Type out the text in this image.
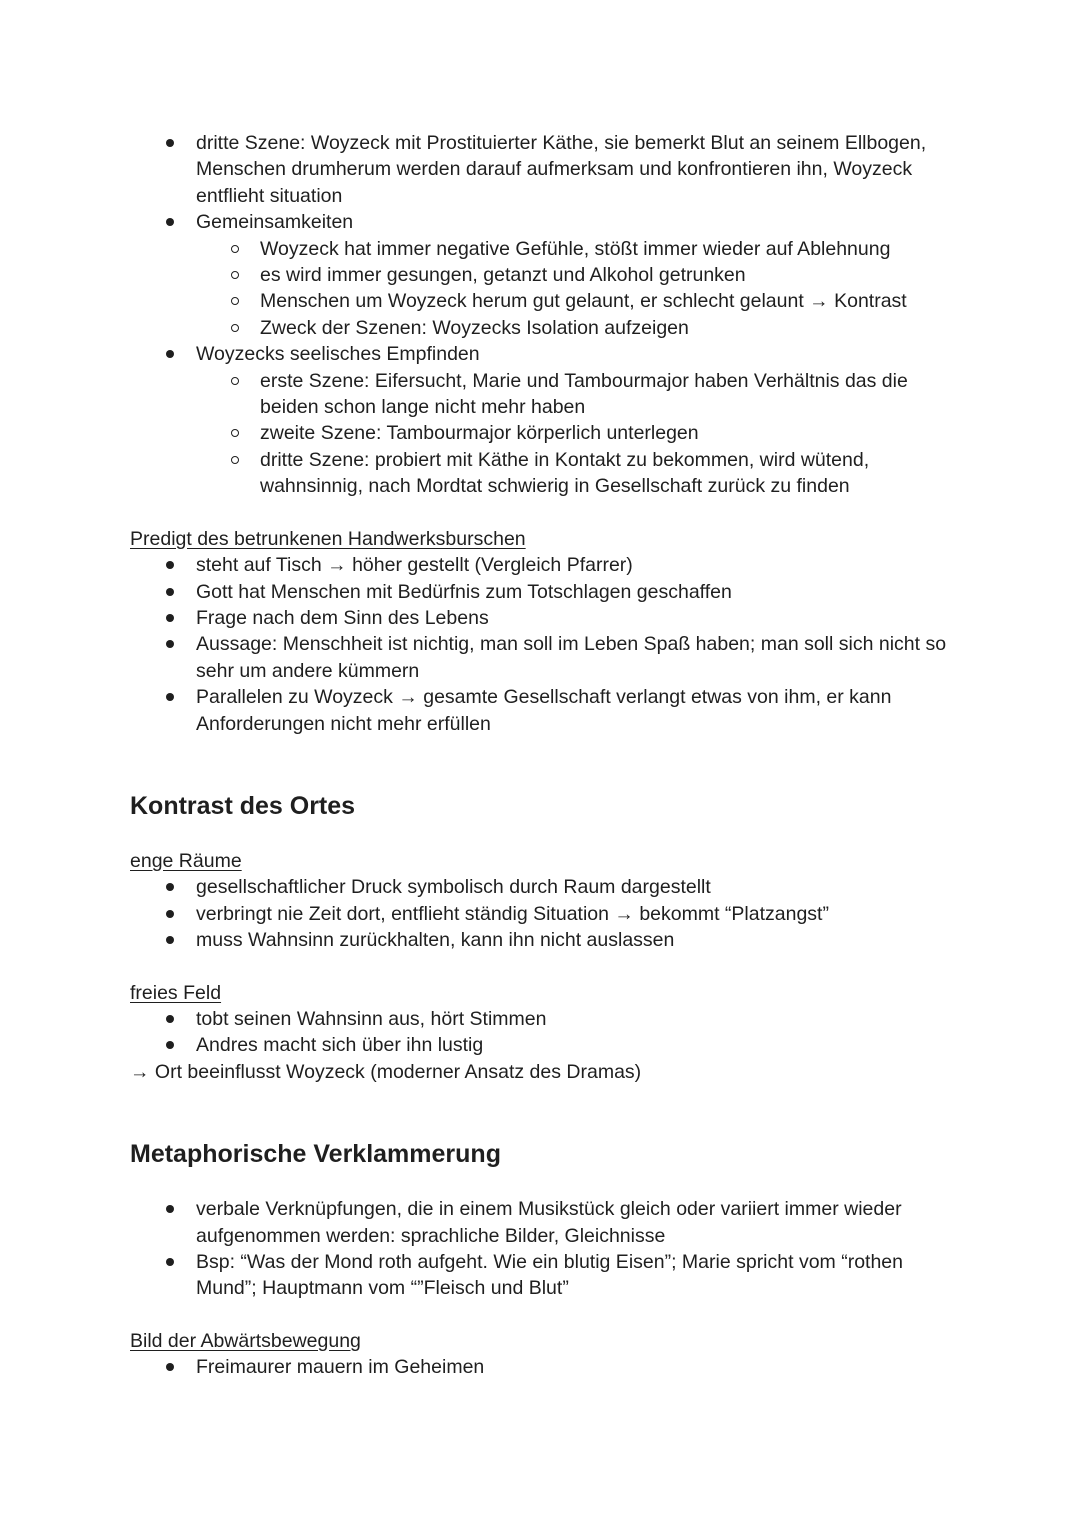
dritte Szene: Woyzeck mit Prostituierter Käthe, sie bemerkt Blut an seinem Ellbogen, Menschen drumherum werden darauf aufmerksam und konfrontieren ihn, Woyzeck entflieht situation
Gemeinsamkeiten
Woyzeck hat immer negative Gefühle, stößt immer wieder auf Ablehnung
es wird immer gesungen, getanzt und Alkohol getrunken
Menschen um Woyzeck herum gut gelaunt, er schlecht gelaunt → Kontrast
Zweck der Szenen: Woyzecks Isolation aufzeigen
Woyzecks seelisches Empfinden
erste Szene: Eifersucht, Marie und Tambourmajor haben Verhältnis das die beiden schon lange nicht mehr haben
zweite Szene: Tambourmajor körperlich unterlegen
dritte Szene: probiert mit Käthe in Kontakt zu bekommen, wird wütend, wahnsinnig, nach Mordtat schwierig in Gesellschaft zurück zu finden
Predigt des betrunkenen Handwerksburschen
steht auf Tisch → höher gestellt (Vergleich Pfarrer)
Gott hat Menschen mit Bedürfnis zum Totschlagen geschaffen
Frage nach dem Sinn des Lebens
Aussage: Menschheit ist nichtig, man soll im Leben Spaß haben; man soll sich nicht so sehr um andere kümmern
Parallelen zu Woyzeck → gesamte Gesellschaft verlangt etwas von ihm, er kann Anforderungen nicht mehr erfüllen
Kontrast des Ortes
enge Räume
gesellschaftlicher Druck symbolisch durch Raum dargestellt
verbringt nie Zeit dort, entflieht ständig Situation → bekommt “Platzangst”
muss Wahnsinn zurückhalten, kann ihn nicht auslassen
freies Feld
tobt seinen Wahnsinn aus, hört Stimmen
Andres macht sich über ihn lustig

→ Ort beeinflusst Woyzeck (moderner Ansatz des Dramas)

Metaphorische Verklammerung
verbale Verknüpfungen, die in einem Musikstück gleich oder variiert immer wieder aufgenommen werden: sprachliche Bilder, Gleichnisse
Bsp: “Was der Mond roth aufgeht. Wie ein blutig Eisen”; Marie spricht vom “rothen Mund”; Hauptmann vom “”Fleisch und Blut”
Bild der Abwärtsbewegung
Freimaurer mauern im Geheimen
